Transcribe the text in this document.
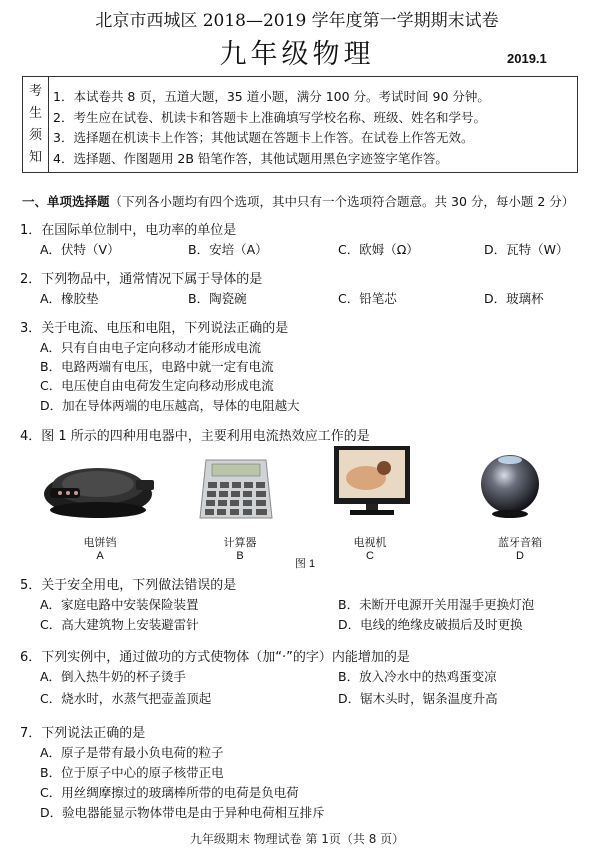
北京市西城区 2018—2019 学年度第一学期期末试卷
九年级物理	2019.1
考
生
须
知
1．本试卷共 8 页，五道大题，35 道小题，满分 100 分。考试时间 90 分钟。
2．考生应在试卷、机读卡和答题卡上准确填写学校名称、班级、姓名和学号。
3．选择题在机读卡上作答；其他试题在答题卡上作答。在试卷上作答无效。
4．选择题、作图题用 2B 铅笔作答，其他试题用黑色字迹签字笔作答。
一、单项选择题（下列各小题均有四个选项，其中只有一个选项符合题意。共 30 分，每小题 2 分）
1．在国际单位制中，电功率的单位是
A．伏特（V）	B．安培（A）	C．欧姆（Ω）	D．瓦特（W）
2．下列物品中，通常情况下属于导体的是
A．橡胶垫	B．陶瓷碗	C．铅笔芯	D．玻璃杯
3．关于电流、电压和电阻，下列说法正确的是
A．只有自由电子定向移动才能形成电流
B．电路两端有电压，电路中就一定有电流
C．电压使自由电荷发生定向移动形成电流
D．加在导体两端的电压越高，导体的电阻越大
4．图 1 所示的四种用电器中，主要利用电流热效应工作的是
电饼铛
A
计算器
B
电视机
C
蓝牙音箱
D
图 1
5．关于安全用电，下列做法错误的是
A．家庭电路中安装保险装置	B．未断开电源开关用湿手更换灯泡
C．高大建筑物上安装避雷针	D．电线的绝缘皮破损后及时更换
6．下列实例中，通过做功的方式使物体（加“·”的字）内能增加的是
A．倒入热牛奶的杯子烫手	B．放入冷水中的热鸡蛋变凉
C．烧水时，水蒸气把壶盖顶起	D．锯木头时，锯条温度升高
7．下列说法正确的是
A．原子是带有最小负电荷的粒子
B．位于原子中心的原子核带正电
C．用丝绸摩擦过的玻璃棒所带的电荷是负电荷
D．验电器能显示物体带电是由于异种电荷相互排斥
九年级期末 物理试卷 第 1页（共 8 页）
